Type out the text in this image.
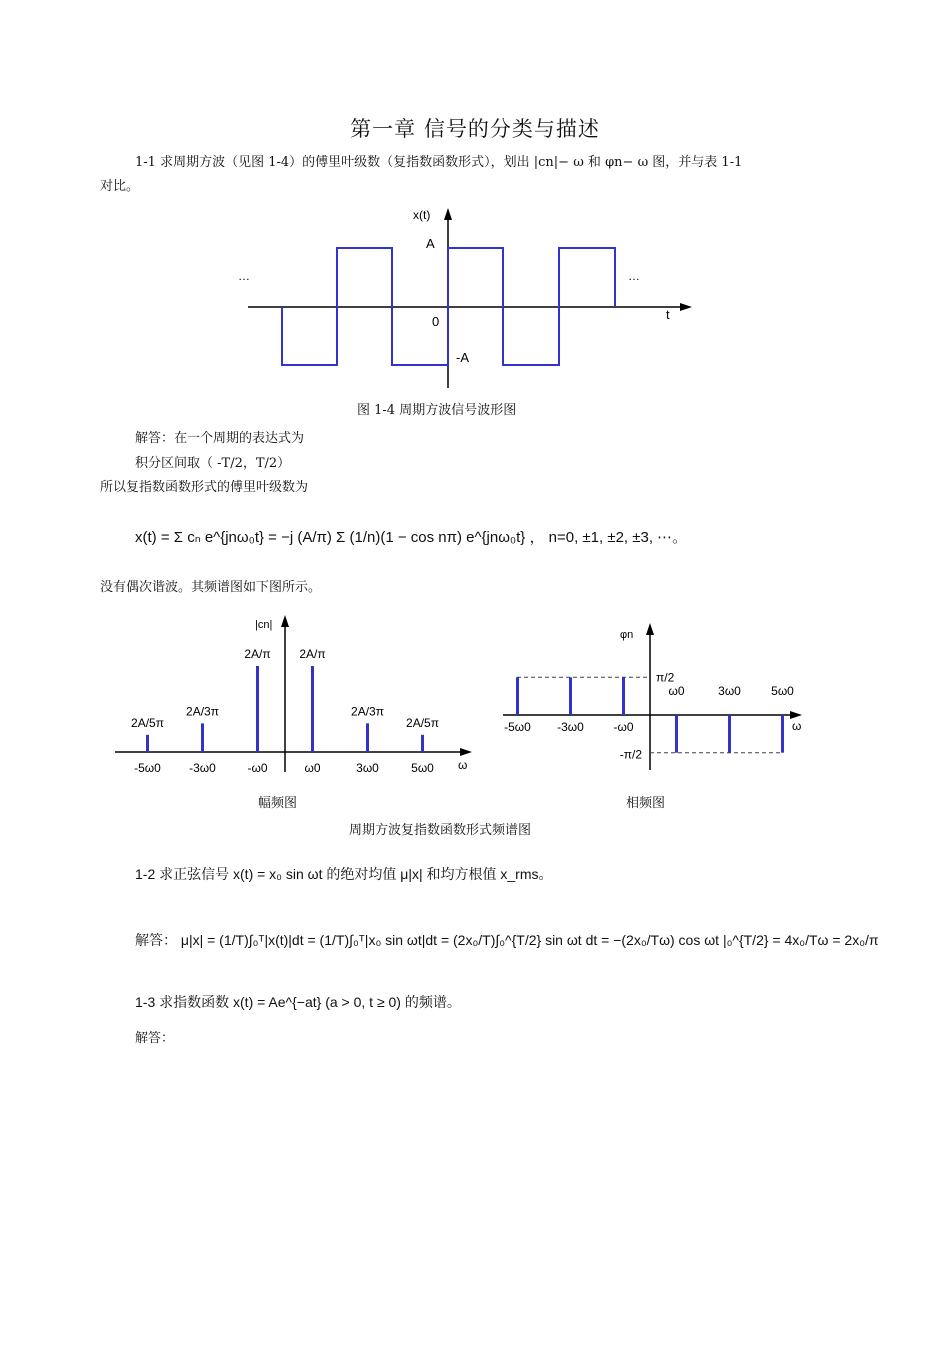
第一章 信号的分类与描述
1-1 求周期方波（见图 1-4）的傅里叶级数（复指数函数形式），划出 |cn|− ω 和 φn− ω 图，并与表 1-1
对比。
x(t)
A
-A
0	t
…	…
图 1-4 周期方波信号波形图
解答：在一个周期的表达式为
积分区间取（ -T/2，T/2）
所以复指数函数形式的傅里叶级数为
x(t) = Σ cₙ e^{jnω₀t} = −j (A/π) Σ (1/n)(1 − cos nπ) e^{jnω₀t} ， n=0, ±1, ±2, ±3, ⋯。
没有偶次谐波。其频谱图如下图所示。
|cn|
ω
2A/5π
-5ω0
2A/3π
-3ω0
2A/π
-ω0
2A/π
ω0
2A/3π
3ω0
2A/5π
5ω0
幅频图
φn
ω
π/2
-π/2
-5ω0 -3ω0 -ω0
ω0	3ω0	5ω0
相频图
周期方波复指数函数形式频谱图
1-2 求正弦信号 x(t) = x₀ sin ωt 的绝对均值 μ|x| 和均方根值 x_rms。
解答： μ|x| = (1/T)∫₀ᵀ|x(t)|dt = (1/T)∫₀ᵀ|x₀ sin ωt|dt = (2x₀/T)∫₀^{T/2} sin ωt dt = −(2x₀/Tω) cos ωt |₀^{T/2} = 4x₀/Tω = 2x₀/π
1-3 求指数函数 x(t) = Ae^{−at} (a > 0, t ≥ 0) 的频谱。
解答：
